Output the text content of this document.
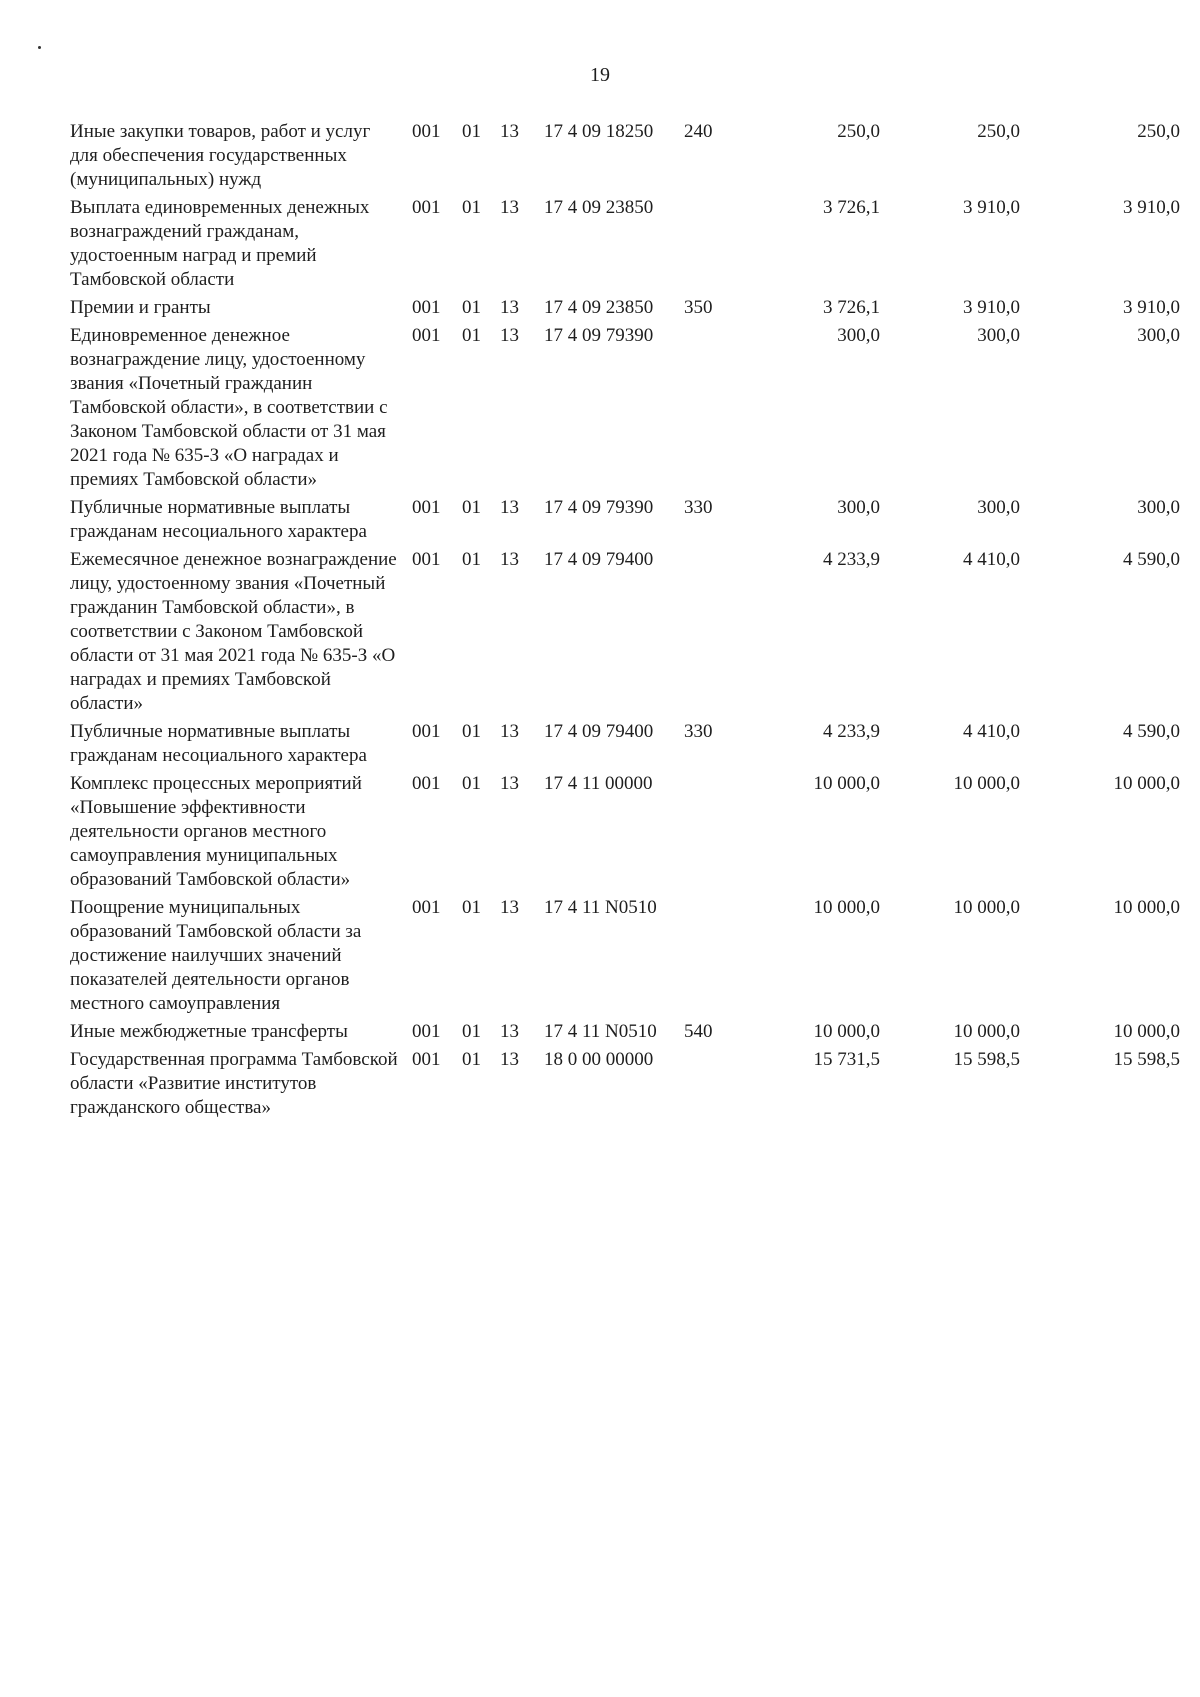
19
Иные закупки товаров, работ и услуг для обеспечения государственных (муниципальных) нужд	001	01	13	17 4 09 18250	240	250,0	250,0	250,0
Выплата единовременных денежных вознаграждений гражданам, удостоенным наград и премий Тамбовской области	001	01	13	17 4 09 23850		3 726,1	3 910,0	3 910,0
Премии и гранты	001	01	13	17 4 09 23850	350	3 726,1	3 910,0	3 910,0
Единовременное денежное вознаграждение лицу, удостоенному звания «Почетный гражданин Тамбовской области», в соответствии с Законом Тамбовской области от 31 мая 2021 года № 635-З «О наградах и премиях Тамбовской области»	001	01	13	17 4 09 79390		300,0	300,0	300,0
Публичные нормативные выплаты гражданам несоциального характера	001	01	13	17 4 09 79390	330	300,0	300,0	300,0
Ежемесячное денежное вознаграждение лицу, удостоенному звания «Почетный гражданин Тамбовской области», в соответствии с Законом Тамбовской области от 31 мая 2021 года № 635-З «О наградах и премиях Тамбовской области»	001	01	13	17 4 09 79400		4 233,9	4 410,0	4 590,0
Публичные нормативные выплаты гражданам несоциального характера	001	01	13	17 4 09 79400	330	4 233,9	4 410,0	4 590,0
Комплекс процессных мероприятий «Повышение эффективности деятельности органов местного самоуправления муниципальных образований Тамбовской области»	001	01	13	17 4 11 00000		10 000,0	10 000,0	10 000,0
Поощрение муниципальных образований Тамбовской области за достижение наилучших значений показателей деятельности органов местного самоуправления	001	01	13	17 4 11 N0510		10 000,0	10 000,0	10 000,0
Иные межбюджетные трансферты	001	01	13	17 4 11 N0510	540	10 000,0	10 000,0	10 000,0
Государственная программа Тамбовской области «Развитие институтов гражданского общества»	001	01	13	18 0 00 00000		15 731,5	15 598,5	15 598,5
